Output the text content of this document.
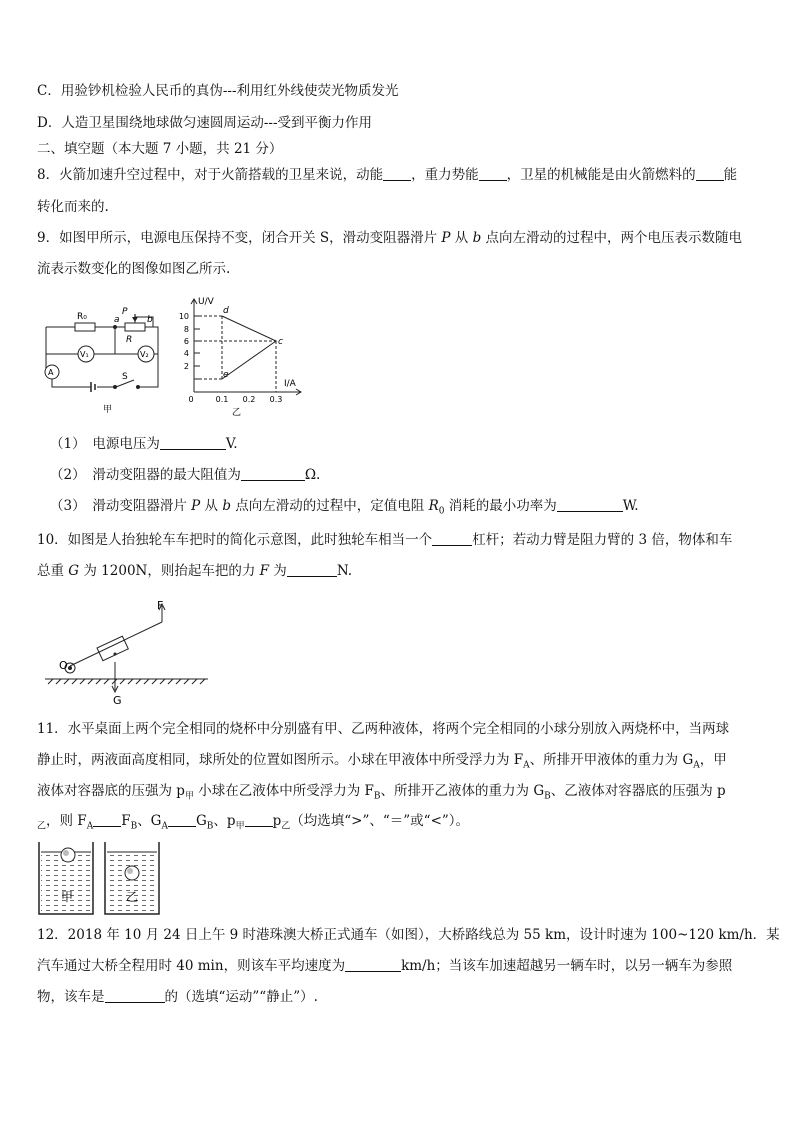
C．用验钞机检验人民币的真伪---利用红外线使荧光物质发光
D．人造卫星围绕地球做匀速圆周运动---受到平衡力作用
二、填空题（本大题 7 小题，共 21 分）
8．火箭加速升空过程中，对于火箭搭载的卫星来说，动能 ，重力势能 ，卫星的机械能是由火箭燃料的 能
转化而来的.
9．如图甲所示，电源电压保持不变，闭合开关 S，滑动变阻器滑片 P 从 b 点向左滑动的过程中，两个电压表示数随电
流表示数变化的图像如图乙所示.
R₀	a	b
P
R
V₁	V₂
A	S
甲
U/V
I/A
d
c
e
10
8
6
4
2
0	0.1 0.2 0.3
乙
（1）　电源电压为	V.
（2）　滑动变阻器的最大阻值为	Ω.
（3）　滑动变阻器滑片 P 从 b 点向左滑动的过程中，定值电阻 $R_0$ 消耗的最小功率为	W.
10．如图是人抬独轮车车把时的简化示意图，此时独轮车相当一个	杠杆；若动力臂是阻力臂的 3 倍，物体和车
总重 G 为 1200N，则抬起车把的力 F 为	N.
F
O
G
11．水平桌面上两个完全相同的烧杯中分别盛有甲、乙两种液体，将两个完全相同的小球分别放入两烧杯中，当两球
静止时，两液面高度相同，球所处的位置如图所示。小球在甲液体中所受浮力为 $F_A$、所排开甲液体的重力为 $G_A$，甲
液体对容器底的压强为 $p_甲$ 小球在乙液体中所受浮力为 $F_B$、所排开乙液体的重力为 $G_B$、乙液体对容器底的压强为 p
$_乙$，则 $F_A$ $F_B$、$G_A$ $G_B$、$p_甲$ $p_乙$（均选填“>”、“＝”或“<”）。
甲	乙
12．2018 年 10 月 24 日上午 9 时港珠澳大桥正式通车（如图），大桥路线总为 55 km，设计时速为 100~120 km/h．某
汽车通过大桥全程用时 40 min，则该车平均速度为	km/h；当该车加速超越另一辆车时，以另一辆车为参照
物，该车是	的（选填“运动”“静止”）.
